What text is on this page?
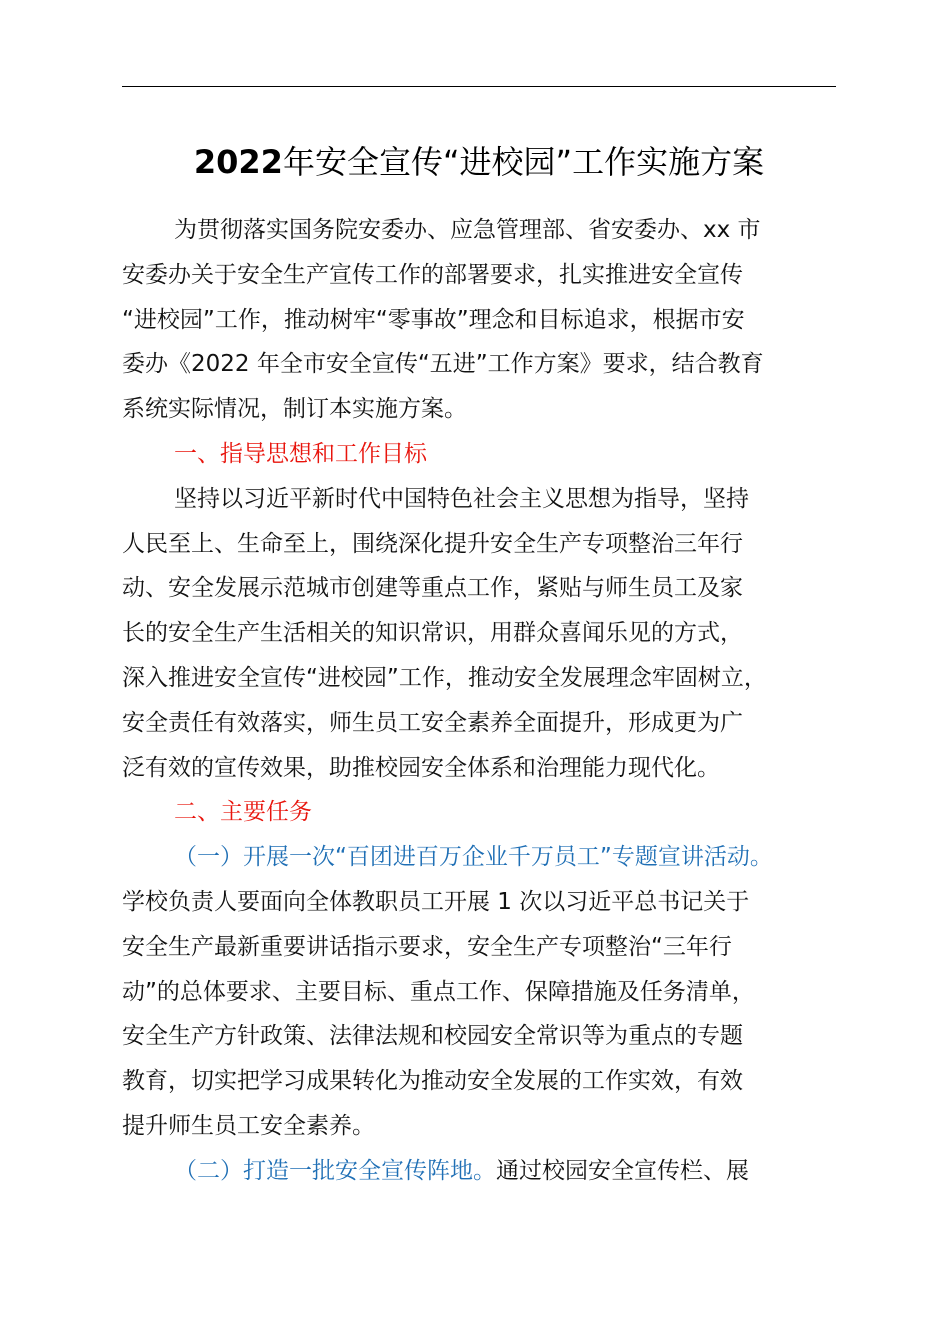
2022年安全宣传“进校园”工作实施方案
为贯彻落实国务院安委办、应急管理部、省安委办、xx 市
安委办关于安全生产宣传工作的部署要求，扎实推进安全宣传
“进校园”工作，推动树牢“零事故”理念和目标追求，根据市安
委办《2022 年全市安全宣传“五进”工作方案》要求，结合教育
系统实际情况，制订本实施方案。
一、指导思想和工作目标
坚持以习近平新时代中国特色社会主义思想为指导，坚持
人民至上、生命至上，围绕深化提升安全生产专项整治三年行
动、安全发展示范城市创建等重点工作，紧贴与师生员工及家
长的安全生产生活相关的知识常识，用群众喜闻乐见的方式，
深入推进安全宣传“进校园”工作，推动安全发展理念牢固树立，
安全责任有效落实，师生员工安全素养全面提升，形成更为广
泛有效的宣传效果，助推校园安全体系和治理能力现代化。
二、主要任务
（一）开展一次“百团进百万企业千万员工”专题宣讲活动。
学校负责人要面向全体教职员工开展 1 次以习近平总书记关于
安全生产最新重要讲话指示要求，安全生产专项整治“三年行
动”的总体要求、主要目标、重点工作、保障措施及任务清单，
安全生产方针政策、法律法规和校园安全常识等为重点的专题
教育，切实把学习成果转化为推动安全发展的工作实效，有效
提升师生员工安全素养。
（二）打造一批安全宣传阵地。通过校园安全宣传栏、展
